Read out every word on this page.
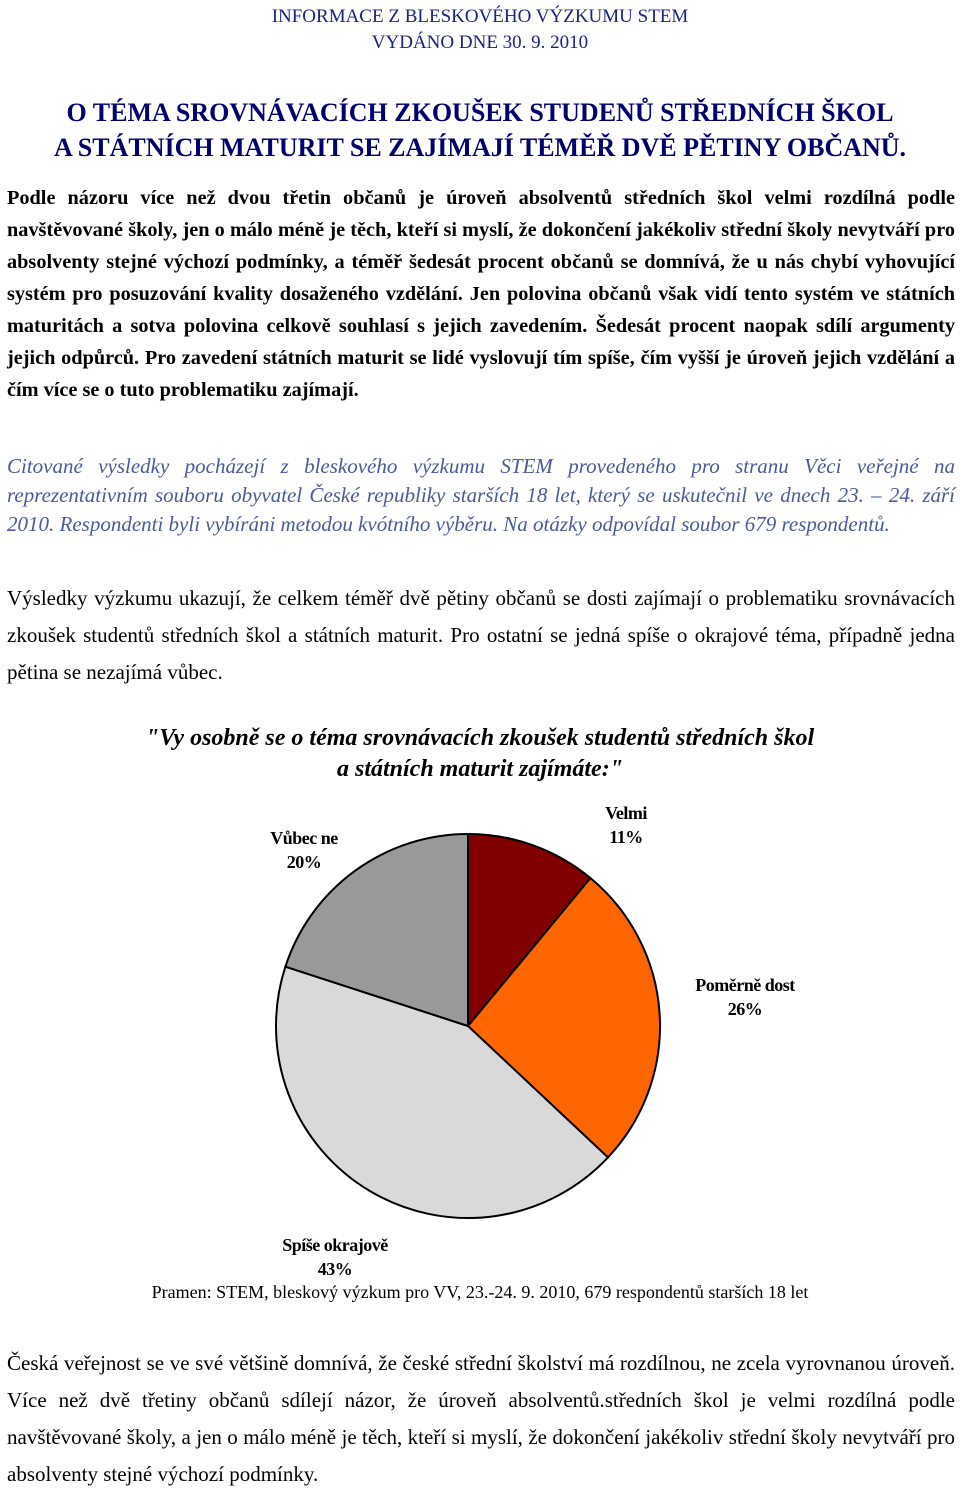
INFORMACE Z BLESKOVÉHO VÝZKUMU STEM
VYDÁNO DNE 30. 9. 2010
O TÉMA SROVNÁVACÍCH ZKOUŠEK STUDENŮ STŘEDNÍCH ŠKOL
A STÁTNÍCH MATURIT SE ZAJÍMAJÍ TÉMĚŘ DVĚ PĚTINY OBČANŮ.
Podle názoru více než dvou třetin občanů je úroveň absolventů středních škol velmi rozdílná podle navštěvované školy, jen o málo méně je těch, kteří si myslí, že dokončení jakékoliv střední školy nevytváří pro absolventy stejné výchozí podmínky, a téměř šedesát procent občanů se domnívá, že u nás chybí vyhovující systém pro posuzování kvality dosaženého vzdělání. Jen polovina občanů však vidí tento systém ve státních maturitách a sotva polovina celkově souhlasí s jejich zavedením. Šedesát procent naopak sdílí argumenty jejich odpůrců. Pro zavedení státních maturit se lidé vyslovují tím spíše, čím vyšší je úroveň jejich vzdělání a čím více se o tuto problematiku zajímají.
Citované výsledky pocházejí z bleskového výzkumu STEM provedeného pro stranu Věci veřejné na reprezentativním souboru obyvatel České republiky starších 18 let, který se uskutečnil ve dnech 23. – 24. září 2010. Respondenti byli vybíráni metodou kvótního výběru. Na otázky odpovídal soubor 679 respondentů.
Výsledky výzkumu ukazují, že celkem téměř dvě pětiny občanů se dosti zajímají o problematiku srovnávacích zkoušek studentů středních škol a státních maturit. Pro ostatní se jedná spíše o okrajové téma, případně jedna pětina se nezajímá vůbec.
"Vy osobně se o téma srovnávacích zkoušek studentů středních škol
a státních maturit zajímáte:"
Velmi
11%
Poměrně dost
26%
Spíše okrajově
43%
Vůbec ne
20%
Pramen: STEM, bleskový výzkum pro VV, 23.-24. 9. 2010, 679 respondentů starších 18 let
Česká veřejnost se ve své většině domnívá, že české střední školství má rozdílnou, ne zcela vyrovnanou úroveň. Více než dvě třetiny občanů sdílejí názor, že úroveň absolventů.středních škol je velmi rozdílná podle navštěvované školy, a jen o málo méně je těch, kteří si myslí, že dokončení jakékoliv střední školy nevytváří pro absolventy stejné výchozí podmínky.
